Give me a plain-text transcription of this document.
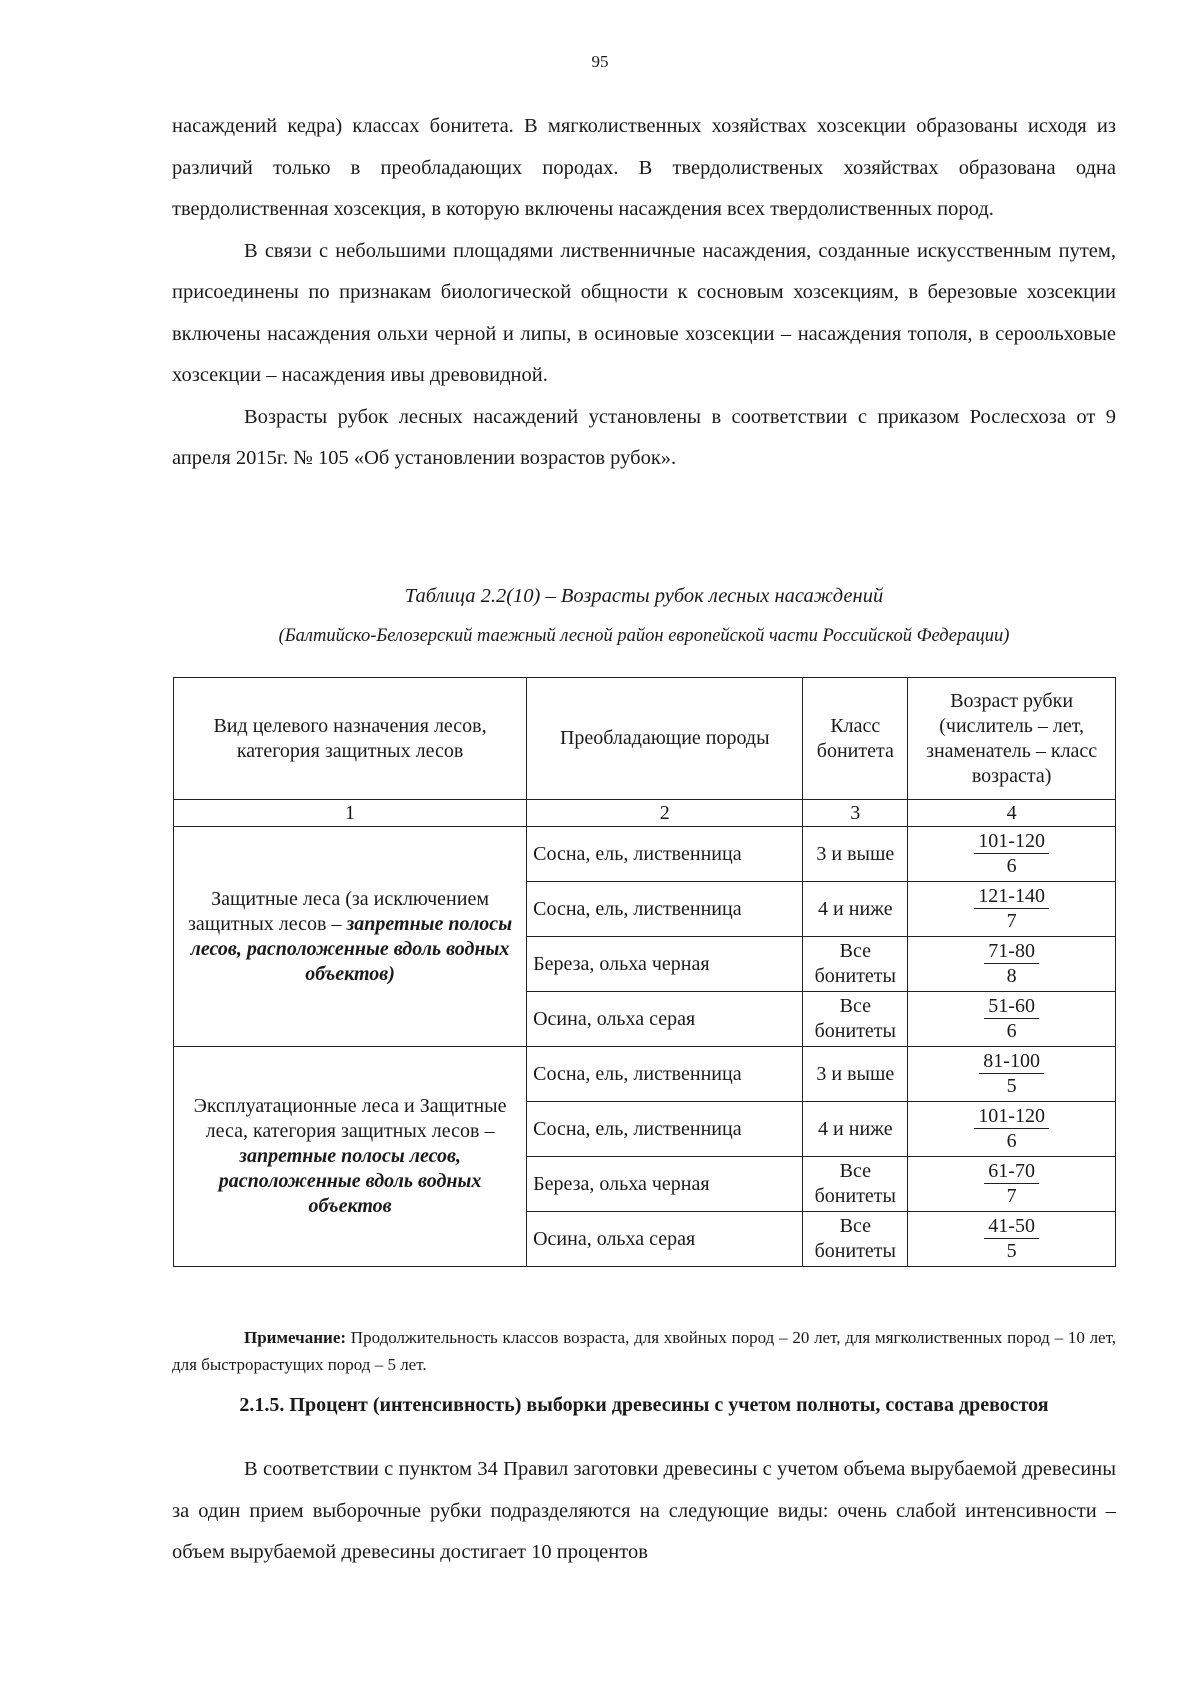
95

насаждений кедра) классах бонитета. В мягколиственных хозяйствах хозсекции образованы исходя из различий только в преобладающих породах. В твердолиственых хозяйствах образована одна твердолиственная хозсекция, в которую включены насаждения всех твердолиственных пород.

В связи с небольшими площадями лиственничные насаждения, созданные искусственным путем, присоединены по признакам биологической общности к сосновым хозсекциям, в березовые хозсекции включены насаждения ольхи черной и липы, в осиновые хозсекции – насаждения тополя, в сероольховые хозсекции – насаждения ивы древовидной.

Возрасты рубок лесных насаждений установлены в соответствии с приказом Рослесхоза от 9 апреля 2015г. № 105 «Об установлении возрастов рубок».

Таблица 2.2(10) – Возрасты рубок лесных насаждений
(Балтийско-Белозерский таежный лесной район европейской части Российской Федерации)
Вид целевого назначения лесов, категория защитных лесов	Преобладающие породы	Класс бонитета	Возраст рубки (числитель – лет, знаменатель – класс возраста)
1	2	3	4
Защитные леса (за исключением защитных лесов – запретные полосы лесов, расположенные вдоль водных объектов)	Сосна, ель, лиственница	3 и выше	$\frac{101-120}{6}$

	Сосна, ель, лиственница	4 и ниже	$\frac{121-140}{7}$

	Береза, ольха черная	Все бонитеты	$\frac{71-80}{8}$

	Осина, ольха серая	Все бонитеты	$\frac{51-60}{6}$

Эксплуатационные леса и Защитные леса, категория защитных лесов – запретные полосы лесов, расположенные вдоль водных объектов	Сосна, ель, лиственница	3 и выше	$\frac{81-100}{5}$

	Сосна, ель, лиственница	4 и ниже	$\frac{101-120}{6}$

	Береза, ольха черная	Все бонитеты	$\frac{61-70}{7}$

	Осина, ольха серая	Все бонитеты	$\frac{41-50}{5}$
Примечание: Продолжительность классов возраста, для хвойных пород – 20 лет, для мягколиственных пород – 10 лет, для быстрорастущих пород – 5 лет.
2.1.5. Процент (интенсивность) выборки древесины с учетом полноты, состава древостоя

В соответствии с пунктом 34 Правил заготовки древесины с учетом объема вырубаемой древесины за один прием выборочные рубки подразделяются на следующие виды: очень слабой интенсивности – объем вырубаемой древесины достигает 10 процентов
